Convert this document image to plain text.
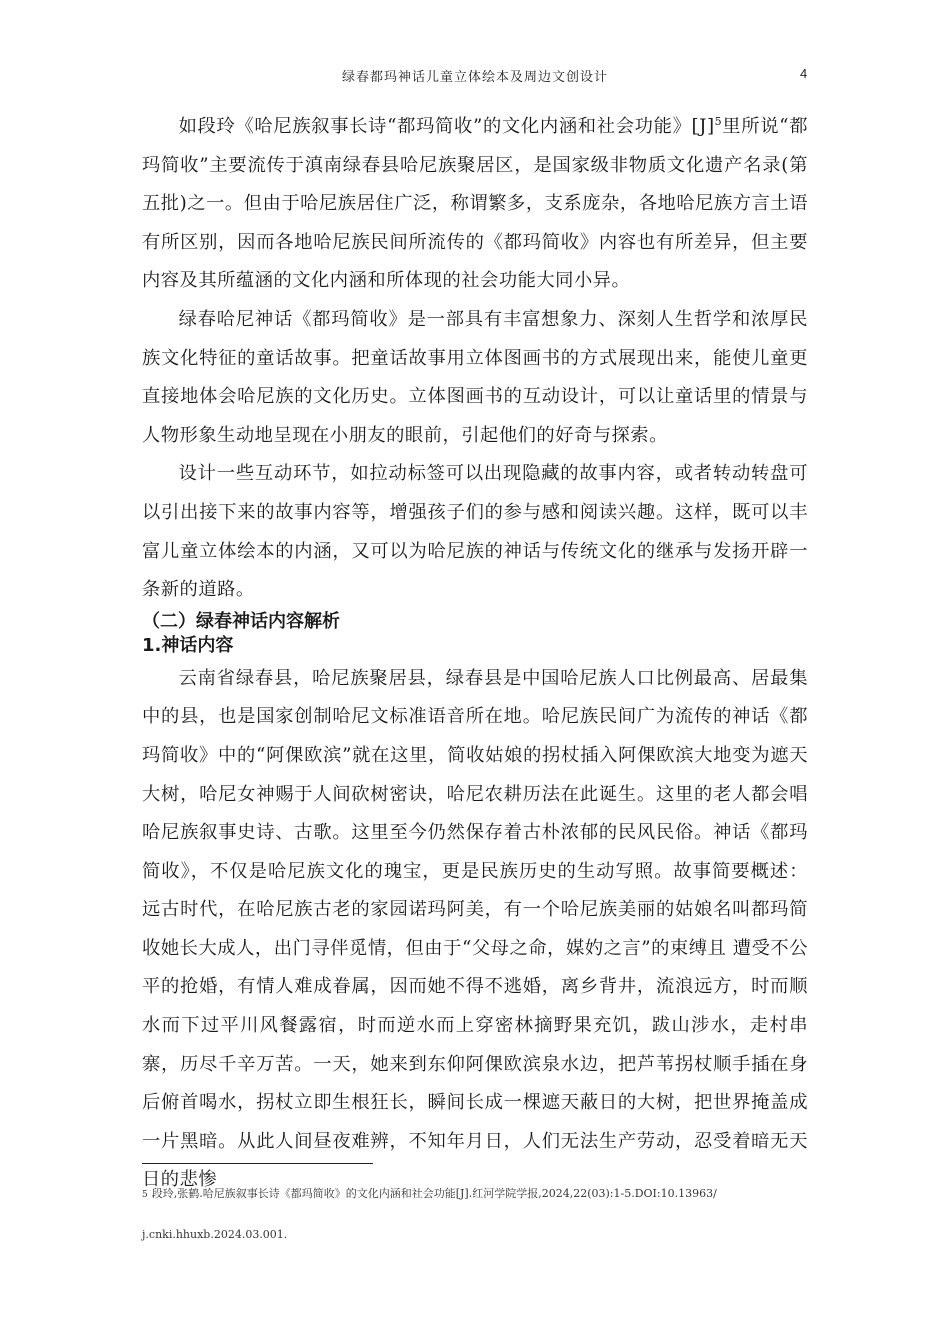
绿春都玛神话儿童立体绘本及周边文创设计	4

如段玲《哈尼族叙事长诗“都玛简收”的文化内涵和社会功能》$[J]^5$里所说“都玛简收”主要流传于滇南绿春县哈尼族聚居区，是国家级非物质文化遗产名录(第五批)之一。但由于哈尼族居住广泛，称谓繁多，支系庞杂，各地哈尼族方言土语有所区别，因而各地哈尼族民间所流传的《都玛简收》内容也有所差异，但主要内容及其所蕴涵的文化内涵和所体现的社会功能大同小异。

绿春哈尼神话《都玛简收》是一部具有丰富想象力、深刻人生哲学和浓厚民族文化特征的童话故事。把童话故事用立体图画书的方式展现出来，能使儿童更直接地体会哈尼族的文化历史。立体图画书的互动设计，可以让童话里的情景与人物形象生动地呈现在小朋友的眼前，引起他们的好奇与探索。

设计一些互动环节，如拉动标签可以出现隐藏的故事内容，或者转动转盘可以引出接下来的故事内容等，增强孩子们的参与感和阅读兴趣。这样，既可以丰富儿童立体绘本的内涵，又可以为哈尼族的神话与传统文化的继承与发扬开辟一条新的道路。

（二）绿春神话内容解析
1.神话内容

云南省绿春县，哈尼族聚居县，绿春县是中国哈尼族人口比例最高、居最集中的县，也是国家创制哈尼文标准语音所在地。哈尼族民间广为流传的神话《都玛简收》中的“阿倮欧滨”就在这里，简收姑娘的拐杖插入阿倮欧滨大地变为遮天大树，哈尼女神赐于人间砍树密诀，哈尼农耕历法在此诞生。这里的老人都会唱哈尼族叙事史诗、古歌。这里至今仍然保存着古朴浓郁的民风民俗。神话《都玛简收》，不仅是哈尼族文化的瑰宝，更是民族历史的生动写照。故事简要概述：远古时代，在哈尼族古老的家园诺玛阿美，有一个哈尼族美丽的姑娘名叫都玛简收她长大成人，出门寻伴觅情，但由于“父母之命，媒妁之言”的束缚且 遭受不公平的抢婚，有情人难成眷属，因而她不得不逃婚，离乡背井，流浪远方，时而顺水而下过平川风餐露宿，时而逆水而上穿密林摘野果充饥，跋山涉水，走村串寨，历尽千辛万苦。一天，她来到东仰阿倮欧滨泉水边，把芦苇拐杖顺手插在身后俯首喝水，拐杖立即生根狂长，瞬间长成一棵遮天蔽日的大树，把世界掩盖成一片黑暗。从此人间昼夜难辨，不知年月日，人们无法生产劳动，忍受着暗无天日的悲惨

5 段玲,张鹤.哈尼族叙事长诗《都玛简收》的文化内涵和社会功能[J].红河学院学报,2024,22(03):1-5.DOI:10.13963/
j.cnki.hhuxb.2024.03.001.
